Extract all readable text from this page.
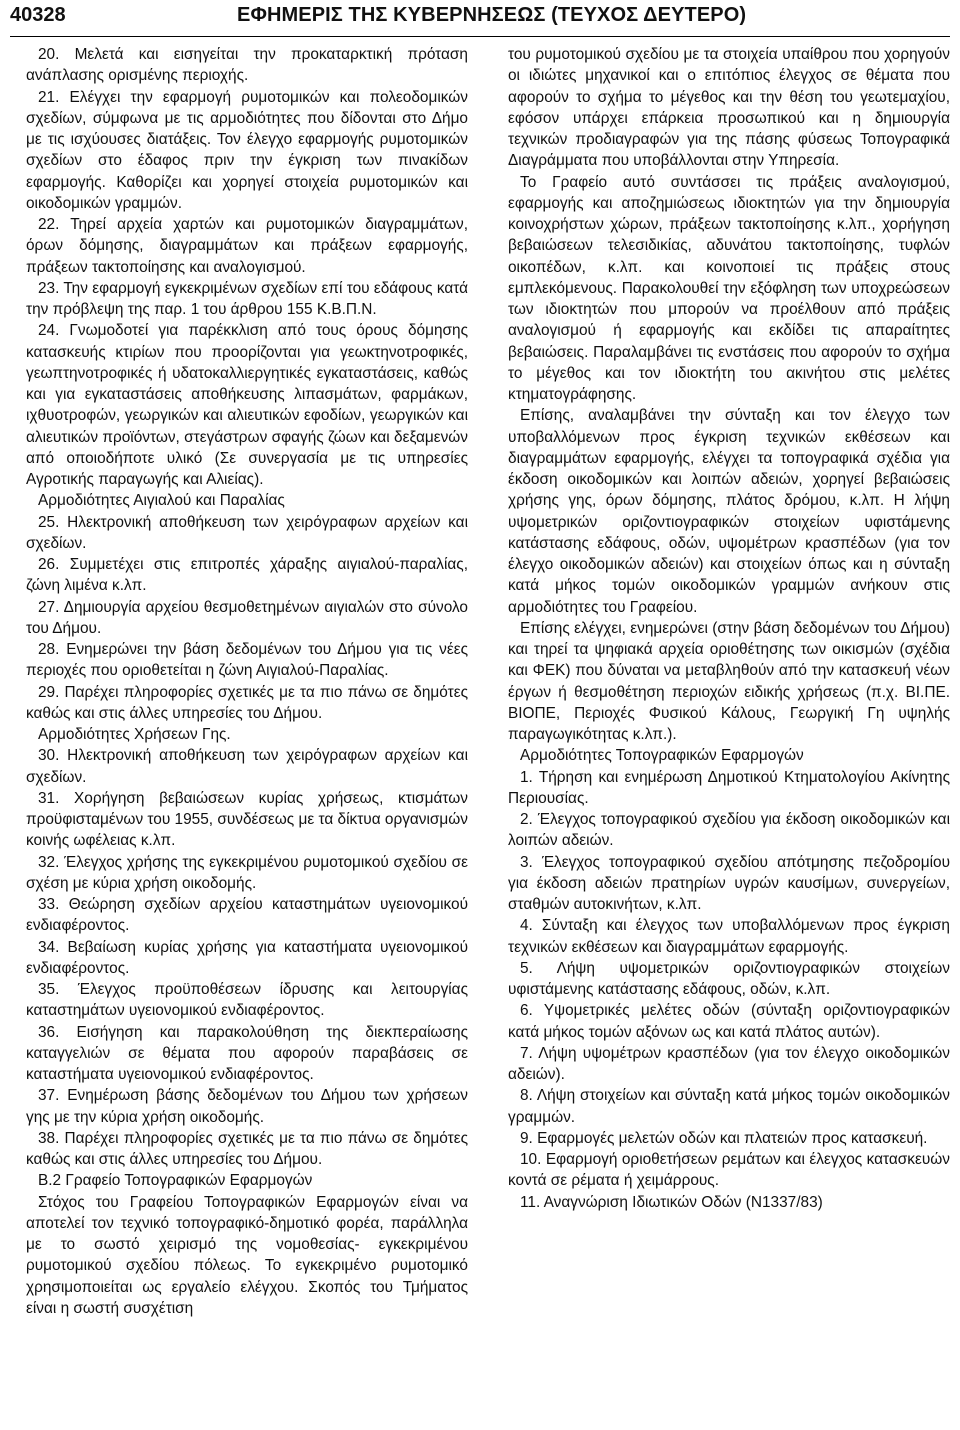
40328	ΕΦΗΜΕΡΙΣ ΤΗΣ ΚΥΒΕΡΝΗΣΕΩΣ (ΤΕΥΧΟΣ ΔΕΥΤΕΡΟ)

20. Μελετά και εισηγείται την προκαταρκτική πρόταση ανάπλασης ορισμένης περιοχής.

21. Ελέγχει την εφαρμογή ρυμοτομικών και πολεοδομικών σχεδίων, σύμφωνα με τις αρμοδιότητες που δίδονται στο Δήμο με τις ισχύουσες διατάξεις. Τον έλεγχο εφαρμογής ρυμοτομικών σχεδίων στο έδαφος πριν την έγκριση των πινακίδων εφαρμογής. Καθορίζει και χορηγεί στοιχεία ρυμοτομικών και οικοδομικών γραμμών.

22. Τηρεί αρχεία χαρτών και ρυμοτομικών διαγραμμάτων, όρων δόμησης, διαγραμμάτων και πράξεων εφαρμογής, πράξεων τακτοποίησης και αναλογισμού.

23. Την εφαρμογή εγκεκριμένων σχεδίων επί του εδάφους κατά την πρόβλεψη της παρ. 1 του άρθρου 155 Κ.Β.Π.Ν.

24. Γνωμοδοτεί για παρέκκλιση από τους όρους δόμησης κατασκευής κτιρίων που προορίζονται για γεωκτηνοτροφικές, γεωπτηνοτροφικές ή υδατοκαλλιεργητικές εγκαταστάσεις, καθώς και για εγκαταστάσεις αποθήκευσης λιπασμάτων, φαρμάκων, ιχθυοτροφών, γεωργικών και αλιευτικών εφοδίων, γεωργικών και αλιευτικών προϊόντων, στεγάστρων σφαγής ζώων και δεξαμενών από οποιοδήποτε υλικό (Σε συνεργασία με τις υπηρεσίες Αγροτικής παραγωγής και Αλιείας).

Αρμοδιότητες Αιγιαλού και Παραλίας

25. Ηλεκτρονική αποθήκευση των χειρόγραφων αρχείων και σχεδίων.

26. Συμμετέχει στις επιτροπές χάραξης αιγιαλού-παραλίας, ζώνη λιμένα κ.λπ.

27. Δημιουργία αρχείου θεσμοθετημένων αιγιαλών στο σύνολο του Δήμου.

28. Ενημερώνει την βάση δεδομένων του Δήμου για τις νέες περιοχές που οριοθετείται η ζώνη Αιγιαλού-Παραλίας.

29. Παρέχει πληροφορίες σχετικές με τα πιο πάνω σε δημότες καθώς και στις άλλες υπηρεσίες του Δήμου.

Αρμοδιότητες Χρήσεων Γης.

30. Ηλεκτρονική αποθήκευση των χειρόγραφων αρχείων και σχεδίων.

31. Χορήγηση βεβαιώσεων κυρίας χρήσεως, κτισμάτων προϋφισταμένων του 1955, συνδέσεως με τα δίκτυα οργανισμών κοινής ωφέλειας κ.λπ.

32. Έλεγχος χρήσης της εγκεκριμένου ρυμοτομικού σχεδίου σε σχέση με κύρια χρήση οικοδομής.

33. Θεώρηση σχεδίων αρχείου καταστημάτων υγειονομικού ενδιαφέροντος.

34. Βεβαίωση κυρίας χρήσης για καταστήματα υγειονομικού ενδιαφέροντος.

35. Έλεγχος προϋποθέσεων ίδρυσης και λειτουργίας καταστημάτων υγειονομικού ενδιαφέροντος.

36. Εισήγηση και παρακολούθηση της διεκπεραίωσης καταγγελιών σε θέματα που αφορούν παραβάσεις σε καταστήματα υγειονομικού ενδιαφέροντος.

37. Ενημέρωση βάσης δεδομένων του Δήμου των χρήσεων γης με την κύρια χρήση οικοδομής.

38. Παρέχει πληροφορίες σχετικές με τα πιο πάνω σε δημότες καθώς και στις άλλες υπηρεσίες του Δήμου.

Β.2 Γραφείο Τοπογραφικών Εφαρμογών

Στόχος του Γραφείου Τοπογραφικών Εφαρμογών είναι να αποτελεί τον τεχνικό τοπογραφικό-δημοτικό φορέα, παράλληλα με το σωστό χειρισμό της νομοθεσίας- εγκεκριμένου ρυμοτομικού σχεδίου πόλεως. Το εγκεκριμένο ρυμοτομικό χρησιμοποιείται ως εργαλείο ελέγχου. Σκοπός του Τμήματος είναι η σωστή συσχέτιση

του ρυμοτομικού σχεδίου με τα στοιχεία υπαίθρου που χορηγούν οι ιδιώτες μηχανικοί και ο επιτόπιος έλεγχος σε θέματα που αφορούν το σχήμα το μέγεθος και την θέση του γεωτεμαχίου, εφόσον υπάρχει επάρκεια προσωπικού και η δημιουργία τεχνικών προδιαγραφών για της πάσης φύσεως Τοπογραφικά Διαγράμματα που υποβάλλονται στην Υπηρεσία.

Το Γραφείο αυτό συντάσσει τις πράξεις αναλογισμού, εφαρμογής και αποζημιώσεως ιδιοκτητών για την δημιουργία κοινοχρήστων χώρων, πράξεων τακτοποίησης κ.λπ., χορήγηση βεβαιώσεων τελεσιδικίας, αδυνάτου τακτοποίησης, τυφλών οικοπέδων, κ.λπ. και κοινοποιεί τις πράξεις στους εμπλεκόμενους. Παρακολουθεί την εξόφληση των υποχρεώσεων των ιδιοκτητών που μπορούν να προέλθουν από πράξεις αναλογισμού ή εφαρμογής και εκδίδει τις απαραίτητες βεβαιώσεις. Παραλαμβάνει τις ενστάσεις που αφορούν το σχήμα το μέγεθος και τον ιδιοκτήτη του ακινήτου στις μελέτες κτηματογράφησης.

Επίσης, αναλαμβάνει την σύνταξη και τον έλεγχο των υποβαλλόμενων προς έγκριση τεχνικών εκθέσεων και διαγραμμάτων εφαρμογής, ελέγχει τα τοπογραφικά σχέδια για έκδοση οικοδομικών και λοιπών αδειών, χορηγεί βεβαιώσεις χρήσης γης, όρων δόμησης, πλάτος δρόμου, κ.λπ. Η λήψη υψομετρικών οριζοντιογραφικών στοιχείων υφιστάμενης κατάστασης εδάφους, οδών, υψομέτρων κρασπέδων (για τον έλεγχο οικοδομικών αδειών) και στοιχείων όπως και η σύνταξη κατά μήκος τομών οικοδομικών γραμμών ανήκουν στις αρμοδιότητες του Γραφείου.

Επίσης ελέγχει, ενημερώνει (στην βάση δεδομένων του Δήμου) και τηρεί τα ψηφιακά αρχεία οριοθέτησης των οικισμών (σχέδια και ΦΕΚ) που δύναται να μεταβληθούν από την κατασκευή νέων έργων ή θεσμοθέτηση περιοχών ειδικής χρήσεως (π.χ. ΒΙ.ΠΕ. ΒΙΟΠΕ, Περιοχές Φυσικού Κάλους, Γεωργική Γη υψηλής παραγωγικότητας κ.λπ.).

Αρμοδιότητες Τοπογραφικών Εφαρμογών

1. Τήρηση και ενημέρωση Δημοτικού Κτηματολογίου Ακίνητης Περιουσίας.

2. Έλεγχος τοπογραφικού σχεδίου για έκδοση οικοδομικών και λοιπών αδειών.

3. Έλεγχος τοπογραφικού σχεδίου απότμησης πεζοδρομίου για έκδοση αδειών πρατηρίων υγρών καυσίμων, συνεργείων, σταθμών αυτοκινήτων, κ.λπ.

4. Σύνταξη και έλεγχος των υποβαλλόμενων προς έγκριση τεχνικών εκθέσεων και διαγραμμάτων εφαρμογής.

5. Λήψη υψομετρικών οριζοντιογραφικών στοιχείων υφιστάμενης κατάστασης εδάφους, οδών, κ.λπ.

6. Υψομετρικές μελέτες οδών (σύνταξη οριζοντιογραφικών κατά μήκος τομών αξόνων ως και κατά πλάτος αυτών).

7. Λήψη υψομέτρων κρασπέδων (για τον έλεγχο οικοδομικών αδειών).

8. Λήψη στοιχείων και σύνταξη κατά μήκος τομών οικοδομικών γραμμών.

9. Εφαρμογές μελετών οδών και πλατειών προς κατασκευή.

10. Εφαρμογή οριοθετήσεων ρεμάτων και έλεγχος κατασκευών κοντά σε ρέματα ή χειμάρρους.

11. Αναγνώριση Ιδιωτικών Οδών (Ν1337/83)
